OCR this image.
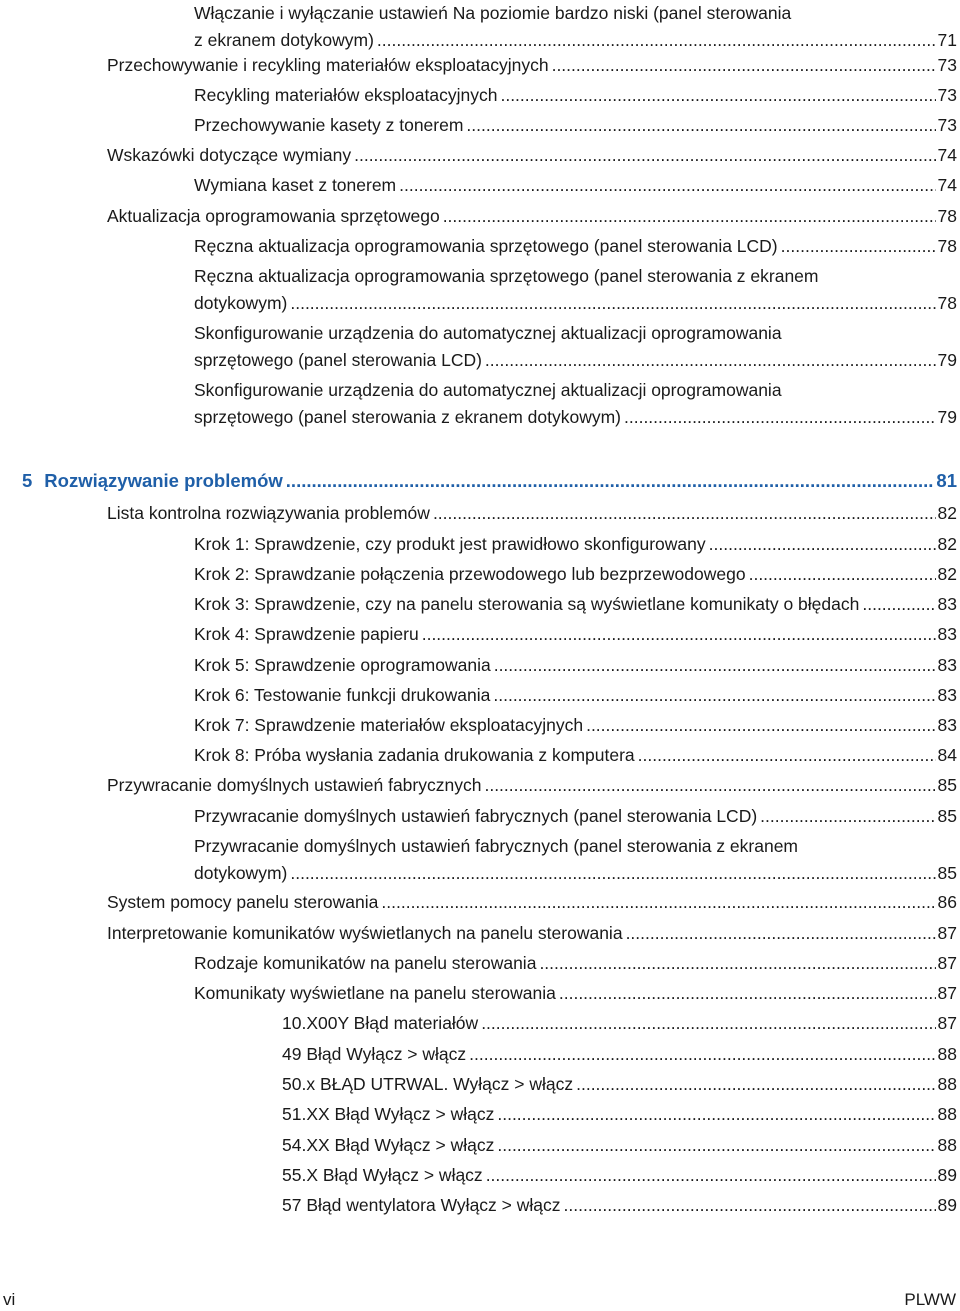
Włączanie i wyłączanie ustawień Na poziomie bardzo niski (panel sterowania
z ekranem dotykowym) .....	71
Przechowywanie i recykling materiałów eksploatacyjnych .....	73
Recykling materiałów eksploatacyjnych .....	73
Przechowywanie kasety z tonerem .....	73
Wskazówki dotyczące wymiany .....	74
Wymiana kaset z tonerem .....	74
Aktualizacja oprogramowania sprzętowego .....	78
Ręczna aktualizacja oprogramowania sprzętowego (panel sterowania LCD) .....	78
Ręczna aktualizacja oprogramowania sprzętowego (panel sterowania z ekranem
dotykowym) .....	78
Skonfigurowanie urządzenia do automatycznej aktualizacji oprogramowania
sprzętowego (panel sterowania LCD) .....	79
Skonfigurowanie urządzenia do automatycznej aktualizacji oprogramowania
sprzętowego (panel sterowania z ekranem dotykowym) .....	79
5 Rozwiązywanie problemów .....	81
Lista kontrolna rozwiązywania problemów .....	82
Krok 1: Sprawdzenie, czy produkt jest prawidłowo skonfigurowany .....	82
Krok 2: Sprawdzanie połączenia przewodowego lub bezprzewodowego .....	82
Krok 3: Sprawdzenie, czy na panelu sterowania są wyświetlane komunikaty o błędach .....	83
Krok 4: Sprawdzenie papieru .....	83
Krok 5: Sprawdzenie oprogramowania .....	83
Krok 6: Testowanie funkcji drukowania .....	83
Krok 7: Sprawdzenie materiałów eksploatacyjnych .....	83
Krok 8: Próba wysłania zadania drukowania z komputera .....	84
Przywracanie domyślnych ustawień fabrycznych .....	85
Przywracanie domyślnych ustawień fabrycznych (panel sterowania LCD) .....	85
Przywracanie domyślnych ustawień fabrycznych (panel sterowania z ekranem
dotykowym) .....	85
System pomocy panelu sterowania .....	86
Interpretowanie komunikatów wyświetlanych na panelu sterowania .....	87
Rodzaje komunikatów na panelu sterowania .....	87
Komunikaty wyświetlane na panelu sterowania .....	87
10.X00Y Błąd materiałów .....	87
49 Błąd Wyłącz > włącz .....	88
50.x BŁĄD UTRWAL. Wyłącz > włącz .....	88
51.XX Błąd Wyłącz > włącz .....	88
54.XX Błąd Wyłącz > włącz .....	88
55.X Błąd Wyłącz > włącz .....	89
57 Błąd wentylatora Wyłącz > włącz .....	89
vi	PLWW
